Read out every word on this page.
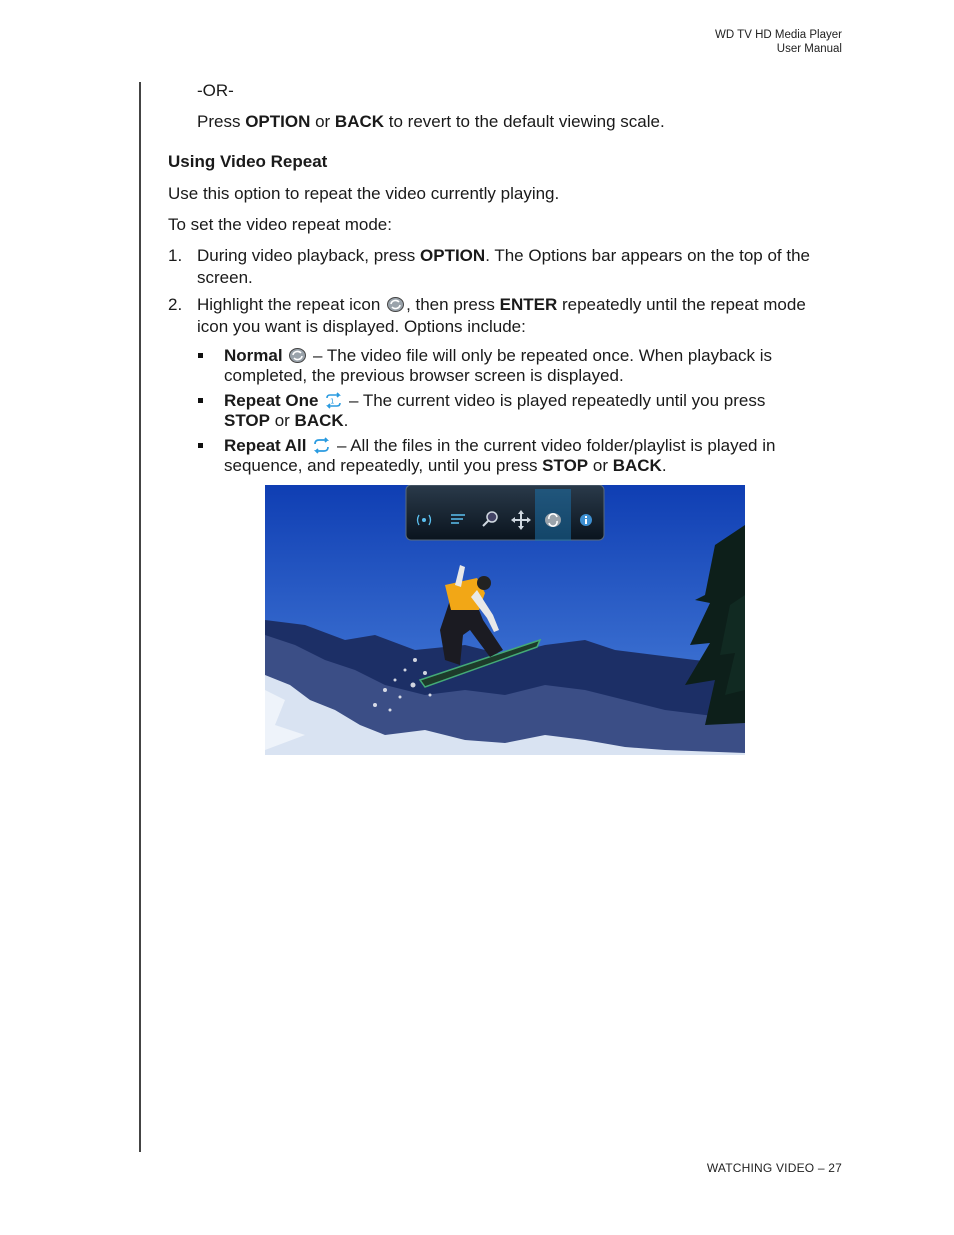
WD TV HD Media Player
User Manual
-OR-
Press OPTION or BACK to revert to the default viewing scale.
Using Video Repeat
Use this option to repeat the video currently playing.
To set the video repeat mode:
1. During video playback, press OPTION. The Options bar appears on the top of the
screen.
2. Highlight the repeat icon , then press ENTER repeatedly until the repeat mode
icon you want is displayed. Options include:
Normal  – The video file will only be repeated once. When playback is
completed, the previous browser screen is displayed.
Repeat One 1 – The current video is played repeatedly until you press
STOP or BACK.
Repeat All  – All the files in the current video folder/playlist is played in
sequence, and repeatedly, until you press STOP or BACK.
WATCHING VIDEO – 27
